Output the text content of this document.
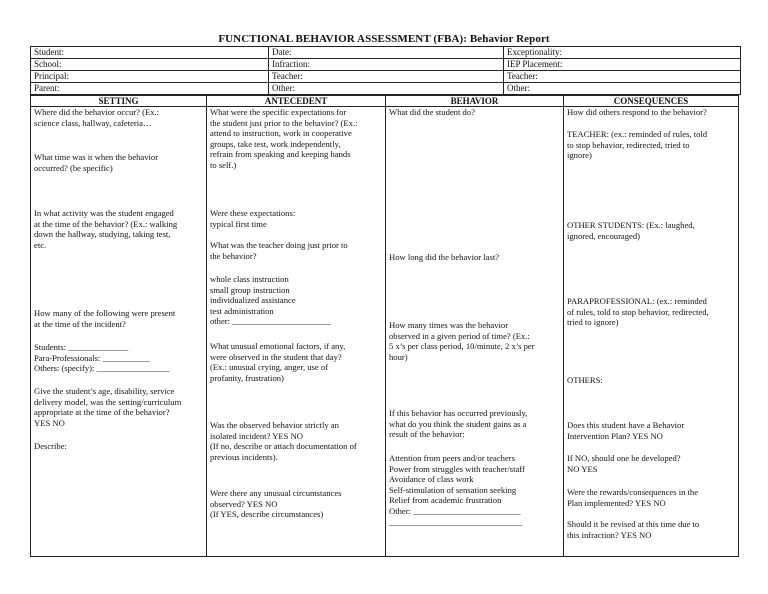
FUNCTIONAL BEHAVIOR ASSESSMENT (FBA): Behavior Report
Student:	Date:	Exceptionality:
School:	Infraction:	IEP Placement:
Principal:	Teacher:	Teacher:
Parent:	Other:	Other:
SETTING
Where did the behavior occur? (Ex.:
science class, hallway, cafeteria…
What time was it when the behavior
occurred? (be specific)
In what activity was the student engaged
at the time of the behavior? (Ex.: walking
down the hallway, studying, taking test,
etc.
How many of the following were present
at the time of the incident?
Students: ______________
Para-Professionals: ___________
Others: (specify): _________________
Give the student’s age, disability, service
delivery model, was the setting/curriculum
appropriate at the time of the behavior?
YES NO
Describe:
ANTECEDENT
What were the specific expectations for
the student just prior to the behavior? (Ex.:
attend to instruction, work in cooperative
groups, take test, work independently,
refrain from speaking and keeping hands
to self.)
Were these expectations:
typical first time
What was the teacher doing just prior to
the behavior?
whole class instruction
small group instruction
individualized assistance
test administration
other: _______________________
What unusual emotional factors, if any,
were observed in the student that day?
(Ex.: unusual crying, anger, use of
profanity, frustration)
Was the observed behavior strictly an
isolated incident? YES NO
(If no, describe or attach documentation of
previous incidents).
Were there any unusual circumstances
observed? YES NO
(If YES, describe circumstances)
BEHAVIOR
What did the student do?
How long did the behavior last?
How many times was the behavior
observed in a given period of time? (Ex.:
5 x’s per class period, 10/minute, 2 x’s per
hour)
If this behavior has occurred previously,
what do you think the student gains as a
result of the behavior:
Attention from peers and/or teachers
Power from struggles with teacher/staff
Avoidance of class work
Self-stimulation of sensation seeking
Relief from academic frustration
Other: _________________________
_______________________________
CONSEQUENCES
How did others respond to the behavior?
TEACHER: (ex.: reminded of rules, told
to stop behavior, redirected, tried to
ignore)
OTHER STUDENTS: (Ex.: laughed,
ignored, encouraged)
PARAPROFESSIONAL: (ex.: reminded
of rules, told to stop behavior, redirected,
tried to ignore)
OTHERS:
Does this student have a Behavior
Intervention Plan? YES NO
If NO, should one be developed?
NO YES
Were the rewards/consequences in the
Plan implemented? YES NO
Should it be revised at this time due to
this infraction? YES NO
